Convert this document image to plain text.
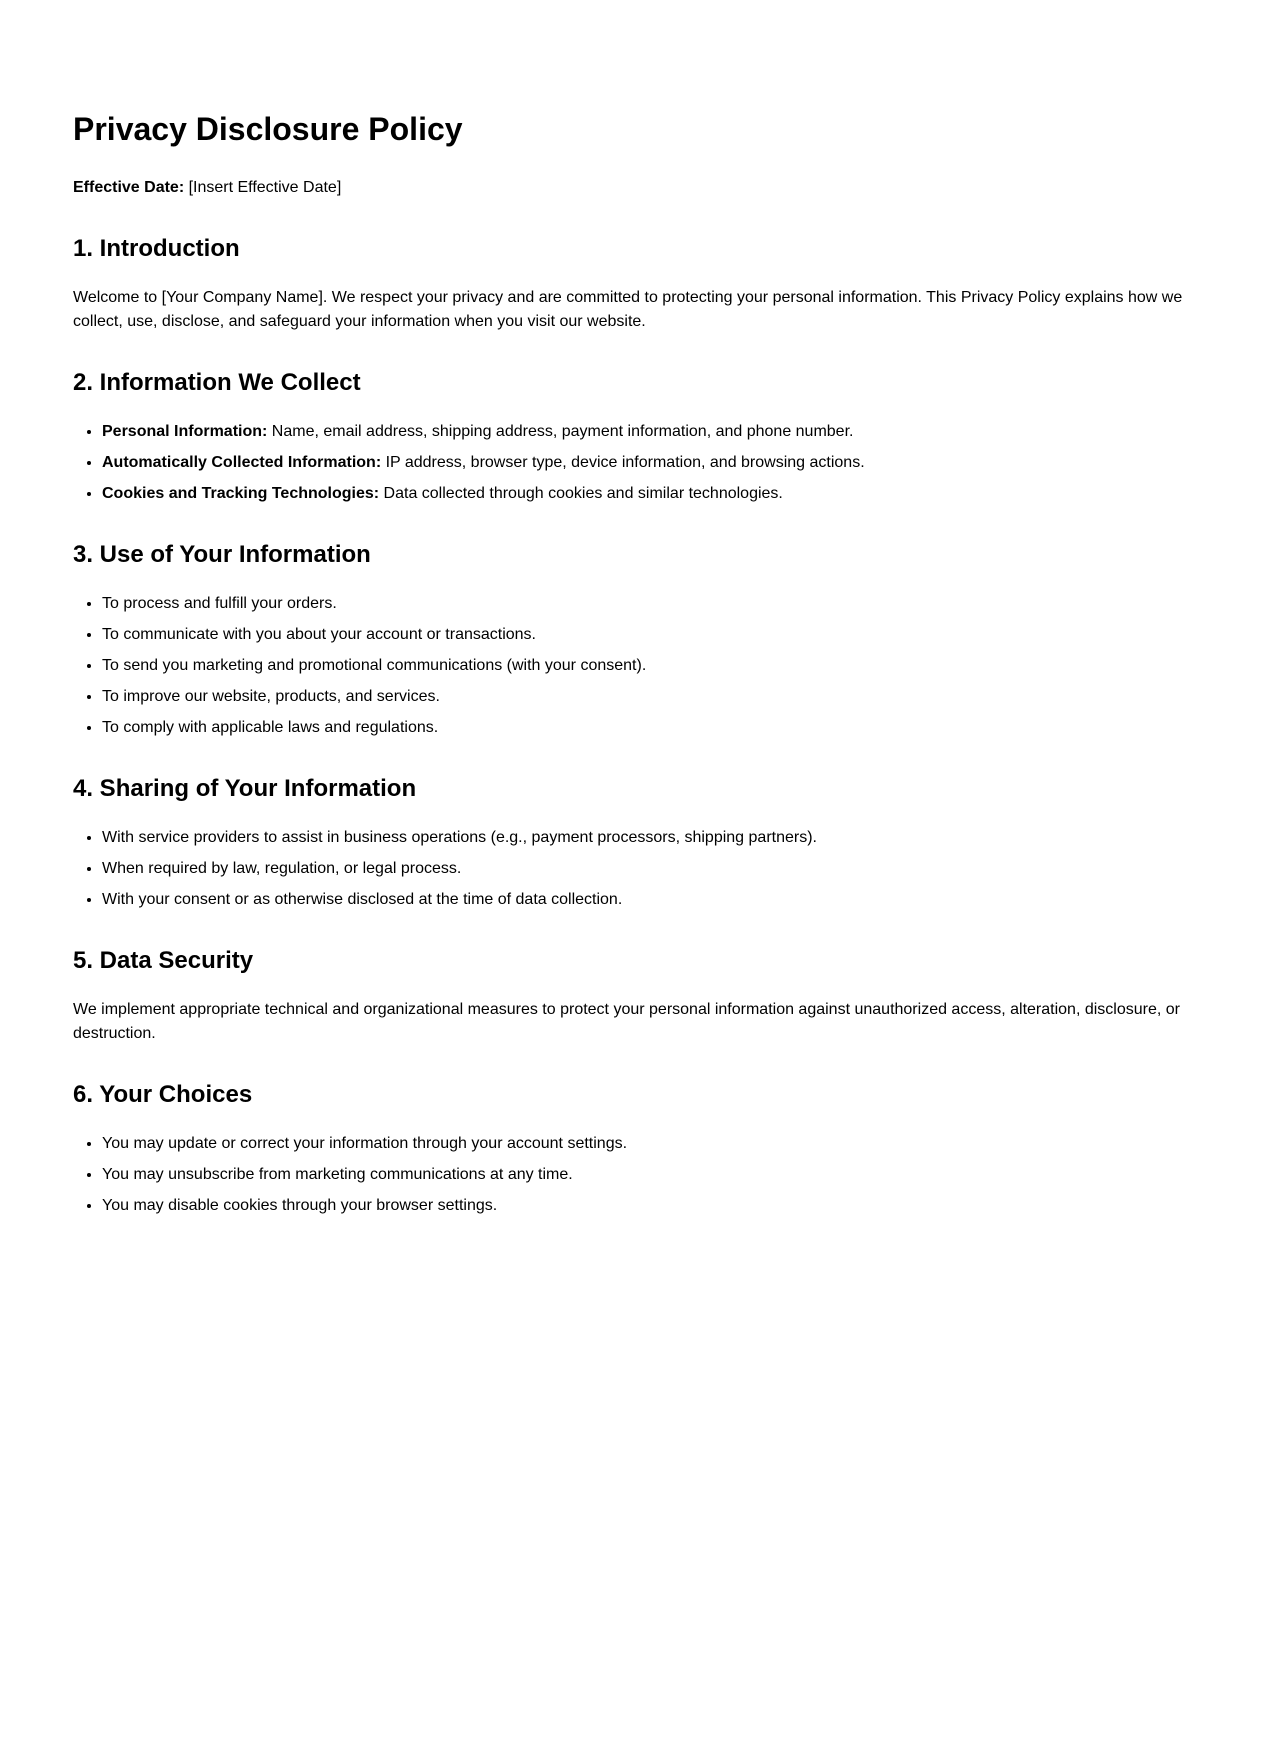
Privacy Disclosure Policy

Effective Date: [Insert Effective Date]

1. Introduction

Welcome to [Your Company Name]. We respect your privacy and are committed to protecting your personal information. This Privacy Policy explains how we collect, use, disclose, and safeguard your information when you visit our website.

2. Information We Collect
• Personal Information: Name, email address, shipping address, payment information, and phone number.
• Automatically Collected Information: IP address, browser type, device information, and browsing actions.
• Cookies and Tracking Technologies: Data collected through cookies and similar technologies.
3. Use of Your Information
• To process and fulfill your orders.
• To communicate with you about your account or transactions.
• To send you marketing and promotional communications (with your consent).
• To improve our website, products, and services.
• To comply with applicable laws and regulations.
4. Sharing of Your Information
• With service providers to assist in business operations (e.g., payment processors, shipping partners).
• When required by law, regulation, or legal process.
• With your consent or as otherwise disclosed at the time of data collection.
5. Data Security

We implement appropriate technical and organizational measures to protect your personal information against unauthorized access, alteration, disclosure, or destruction.

6. Your Choices
• You may update or correct your information through your account settings.
• You may unsubscribe from marketing communications at any time.
• You may disable cookies through your browser settings.
